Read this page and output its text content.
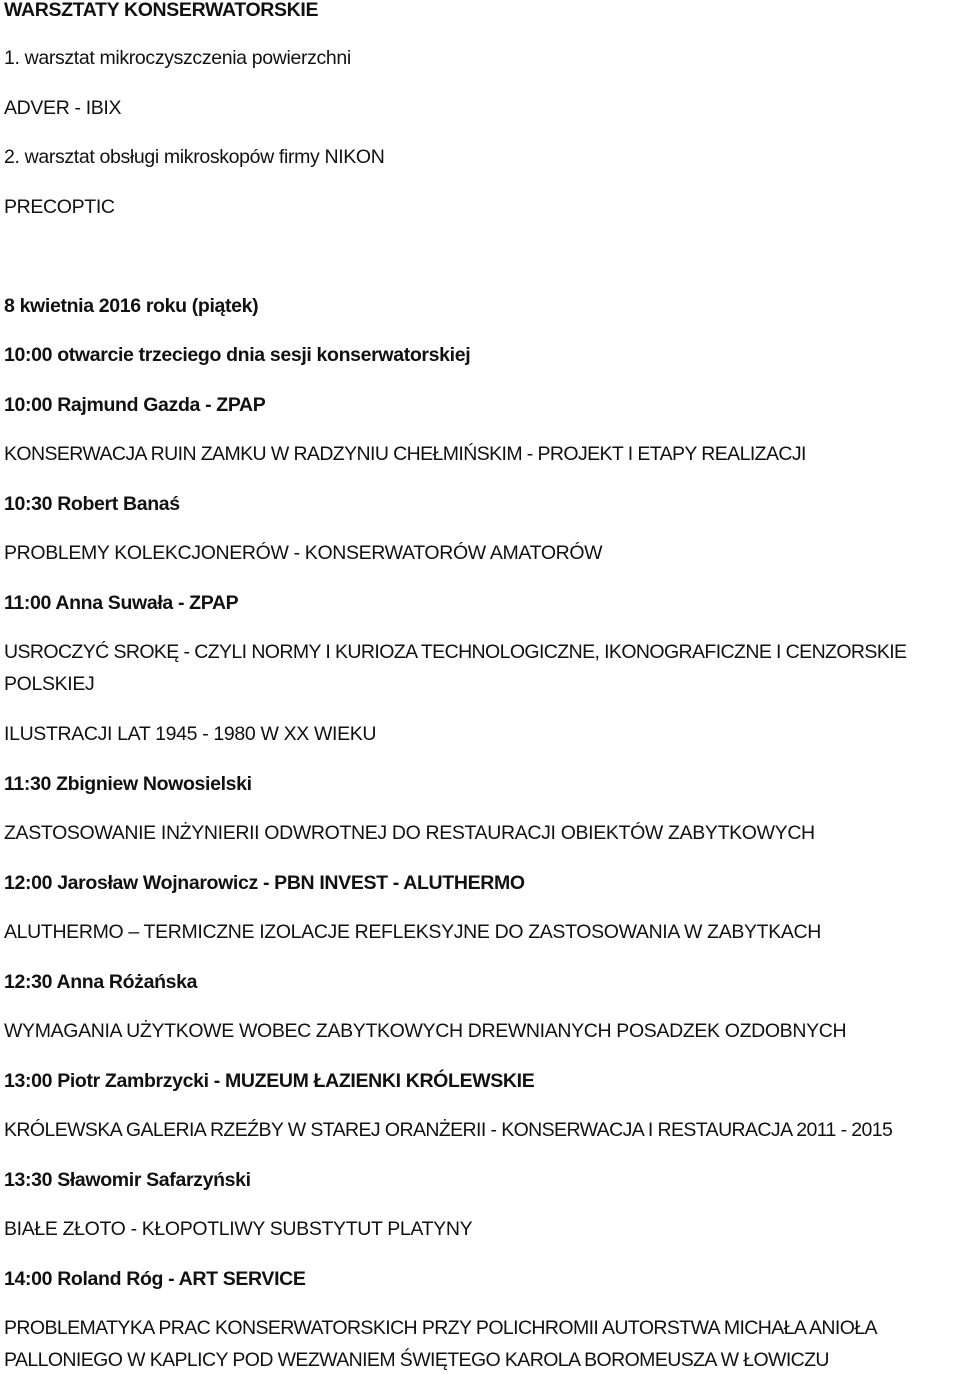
WARSZTATY KONSERWATORSKIE
1. warsztat mikroczyszczenia powierzchni
ADVER - IBIX
2. warsztat obsługi mikroskopów firmy NIKON
PRECOPTIC
8 kwietnia 2016 roku (piątek)
10:00 otwarcie trzeciego dnia sesji konserwatorskiej
10:00 Rajmund Gazda - ZPAP
KONSERWACJA RUIN ZAMKU W RADZYNIU CHEŁMIŃSKIM - PROJEKT I ETAPY REALIZACJI
10:30 Robert Banaś
PROBLEMY KOLEKCJONERÓW - KONSERWATORÓW AMATORÓW
11:00 Anna Suwała - ZPAP
USROCZYĆ SROKĘ - CZYLI NORMY I KURIOZA TECHNOLOGICZNE, IKONOGRAFICZNE I CENZORSKIE
POLSKIEJ
ILUSTRACJI LAT 1945 - 1980 W XX WIEKU
11:30 Zbigniew Nowosielski
ZASTOSOWANIE INŻYNIERII ODWROTNEJ DO RESTAURACJI OBIEKTÓW ZABYTKOWYCH
12:00 Jarosław Wojnarowicz - PBN INVEST - ALUTHERMO
ALUTHERMO – TERMICZNE IZOLACJE REFLEKSYJNE DO ZASTOSOWANIA W ZABYTKACH
12:30 Anna Różańska
WYMAGANIA UŻYTKOWE WOBEC ZABYTKOWYCH DREWNIANYCH POSADZEK OZDOBNYCH
13:00 Piotr Zambrzycki - MUZEUM ŁAZIENKI KRÓLEWSKIE
KRÓLEWSKA GALERIA RZEŹBY W STAREJ ORANŻERII - KONSERWACJA I RESTAURACJA 2011 - 2015
13:30 Sławomir Safarzyński
BIAŁE ZŁOTO - KŁOPOTLIWY SUBSTYTUT PLATYNY
14:00 Roland Róg - ART SERVICE
PROBLEMATYKA PRAC KONSERWATORSKICH PRZY POLICHROMII AUTORSTWA MICHAŁA ANIOŁA
PALLONIEGO W KAPLICY POD WEZWANIEM ŚWIĘTEGO KAROLA BOROMEUSZA W ŁOWICZU
